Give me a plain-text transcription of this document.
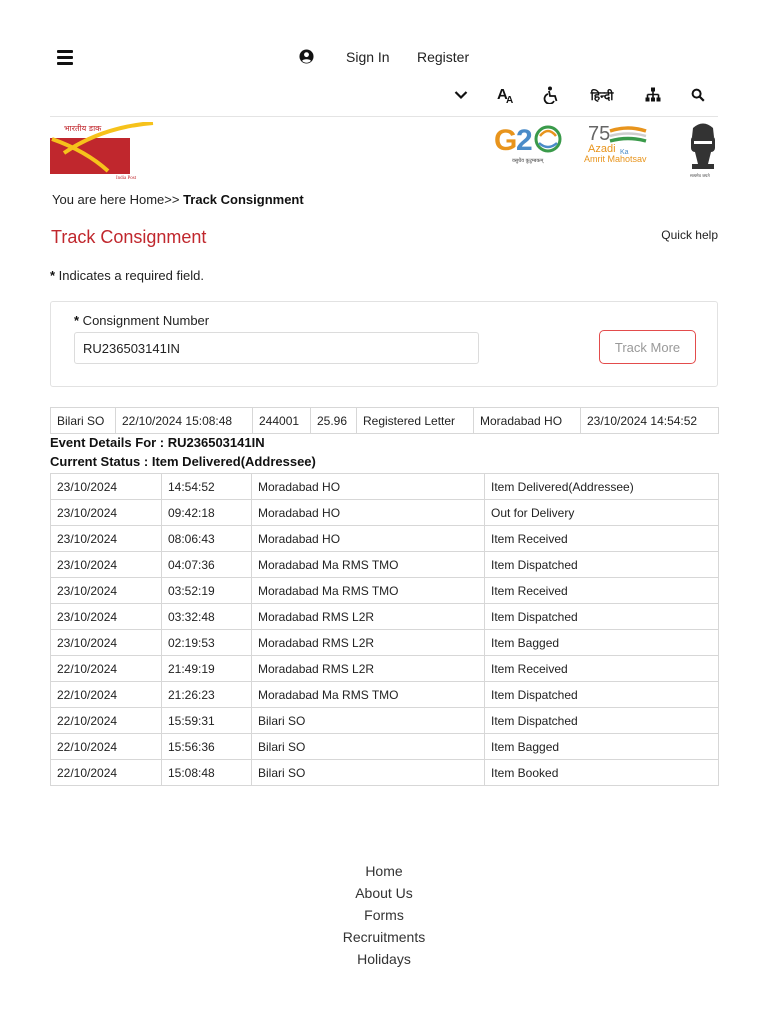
Sign In Register
A
A	हिन्दी
भारतीय डाक
India Post
G
2
वसुधैव कुटुम्बकम्
75
Azadi Ka
Amrit Mahotsav
सत्यमेव जयते
You are here Home>> Track Consignment
Track Consignment	Quick help
* Indicates a required field.
* Consignment Number
RU236503141IN
Track More
Bilari SO	22/10/2024 15:08:48	244001	25.96	Registered Letter	Moradabad HO	23/10/2024 14:54:52
Event Details For : RU236503141IN
Current Status : Item Delivered(Addressee)
23/10/2024	14:54:52	Moradabad HO	Item Delivered(Addressee)
23/10/2024	09:42:18	Moradabad HO	Out for Delivery
23/10/2024	08:06:43	Moradabad HO	Item Received
23/10/2024	04:07:36	Moradabad Ma RMS TMO	Item Dispatched
23/10/2024	03:52:19	Moradabad Ma RMS TMO	Item Received
23/10/2024	03:32:48	Moradabad RMS L2R	Item Dispatched
23/10/2024	02:19:53	Moradabad RMS L2R	Item Bagged
22/10/2024	21:49:19	Moradabad RMS L2R	Item Received
22/10/2024	21:26:23	Moradabad Ma RMS TMO	Item Dispatched
22/10/2024	15:59:31	Bilari SO	Item Dispatched
22/10/2024	15:56:36	Bilari SO	Item Bagged
22/10/2024	15:08:48	Bilari SO	Item Booked
Home
About Us
Forms
Recruitments
Holidays
